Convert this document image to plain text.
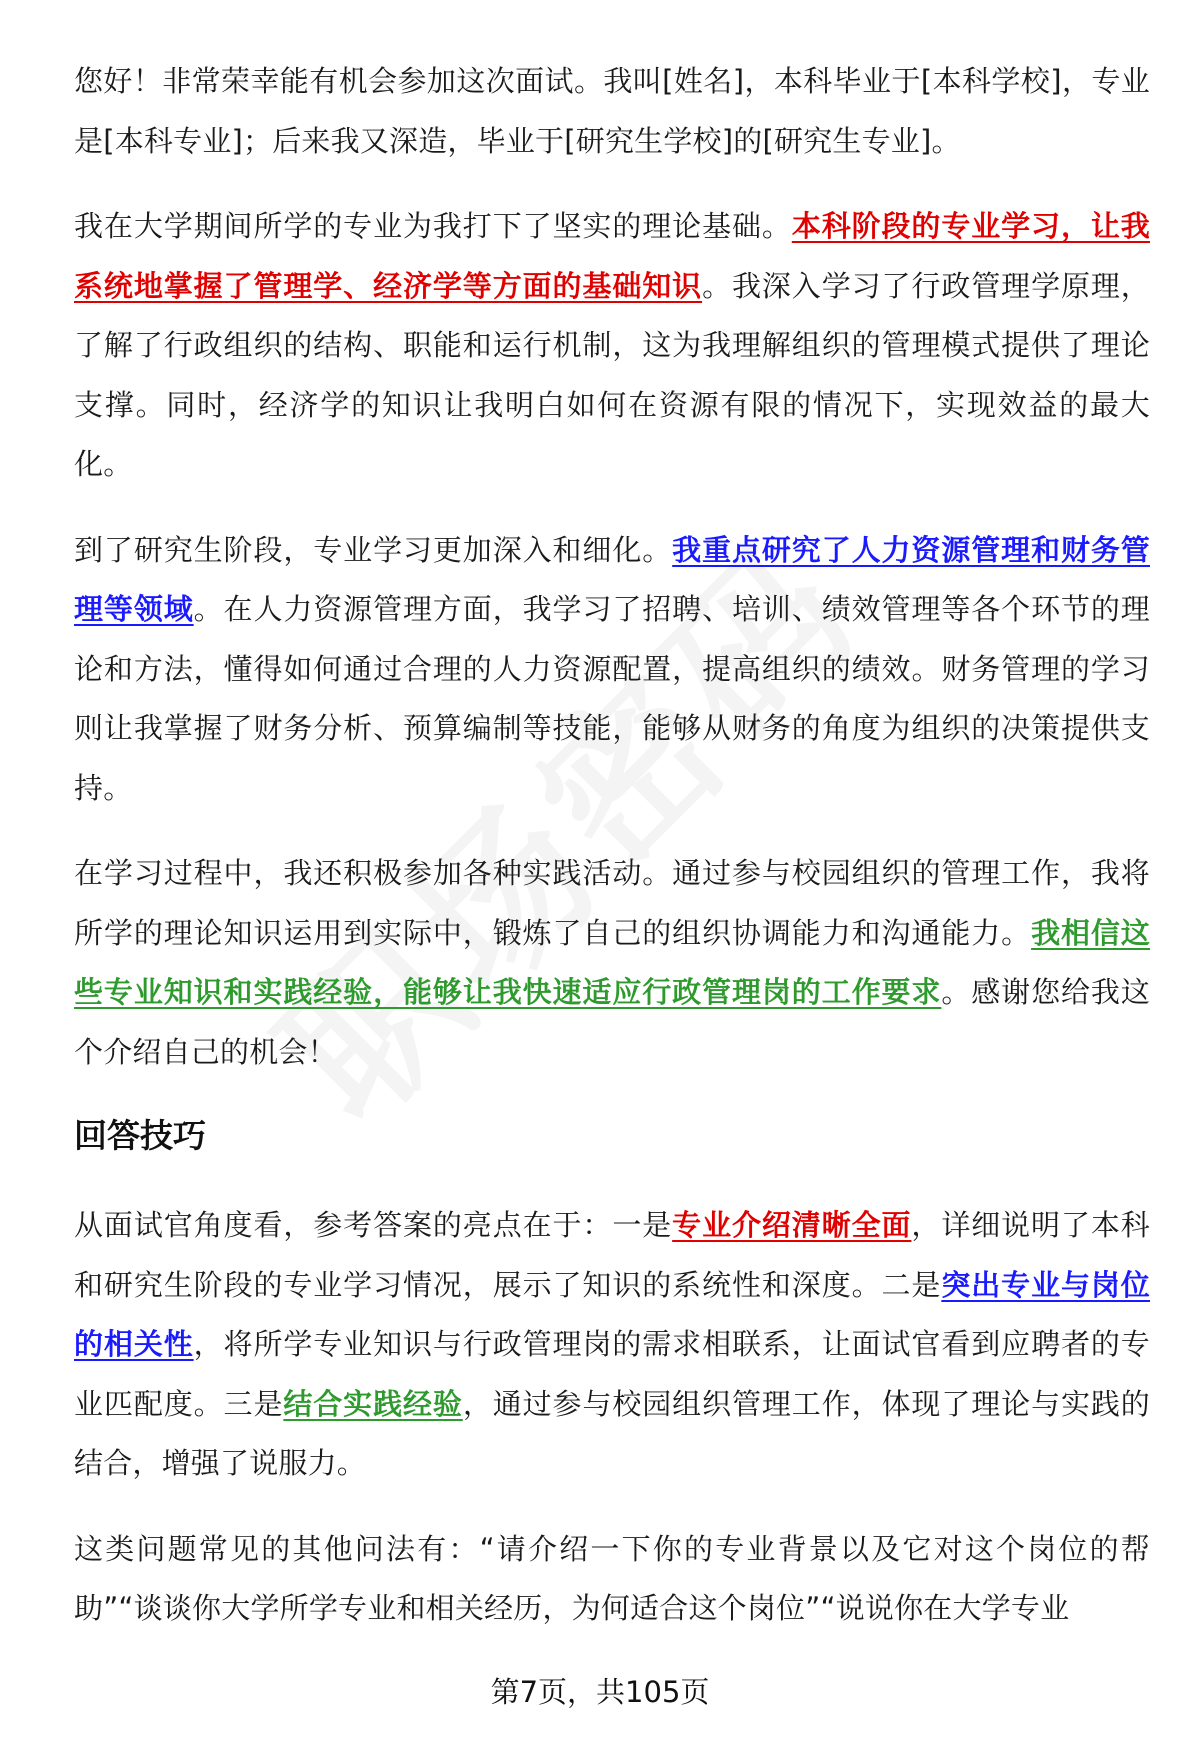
您好！非常荣幸能有机会参加这次面试。我叫[姓名]，本科毕业于[本科学校]，专业是[本科专业]；后来我又深造，毕业于[研究生学校]的[研究生专业]。

我在大学期间所学的专业为我打下了坚实的理论基础。本科阶段的专业学习，让我系统地掌握了管理学、经济学等方面的基础知识。我深入学习了行政管理学原理，了解了行政组织的结构、职能和运行机制，这为我理解组织的管理模式提供了理论支撑。同时，经济学的知识让我明白如何在资源有限的情况下，实现效益的最大化。

到了研究生阶段，专业学习更加深入和细化。我重点研究了人力资源管理和财务管理等领域。在人力资源管理方面，我学习了招聘、培训、绩效管理等各个环节的理论和方法，懂得如何通过合理的人力资源配置，提高组织的绩效。财务管理的学习则让我掌握了财务分析、预算编制等技能，能够从财务的角度为组织的决策提供支持。

在学习过程中，我还积极参加各种实践活动。通过参与校园组织的管理工作，我将所学的理论知识运用到实际中，锻炼了自己的组织协调能力和沟通能力。我相信这些专业知识和实践经验，能够让我快速适应行政管理岗的工作要求。感谢您给我这个介绍自己的机会！

回答技巧

从面试官角度看，参考答案的亮点在于：一是专业介绍清晰全面，详细说明了本科和研究生阶段的专业学习情况，展示了知识的系统性和深度。二是突出专业与岗位的相关性，将所学专业知识与行政管理岗的需求相联系，让面试官看到应聘者的专业匹配度。三是结合实践经验，通过参与校园组织管理工作，体现了理论与实践的结合，增强了说服力。

这类问题常见的其他问法有：“请介绍一下你的专业背景以及它对这个岗位的帮助”“谈谈你大学所学专业和相关经历，为何适合这个岗位”“说说你在大学专业

第7页，共105页
